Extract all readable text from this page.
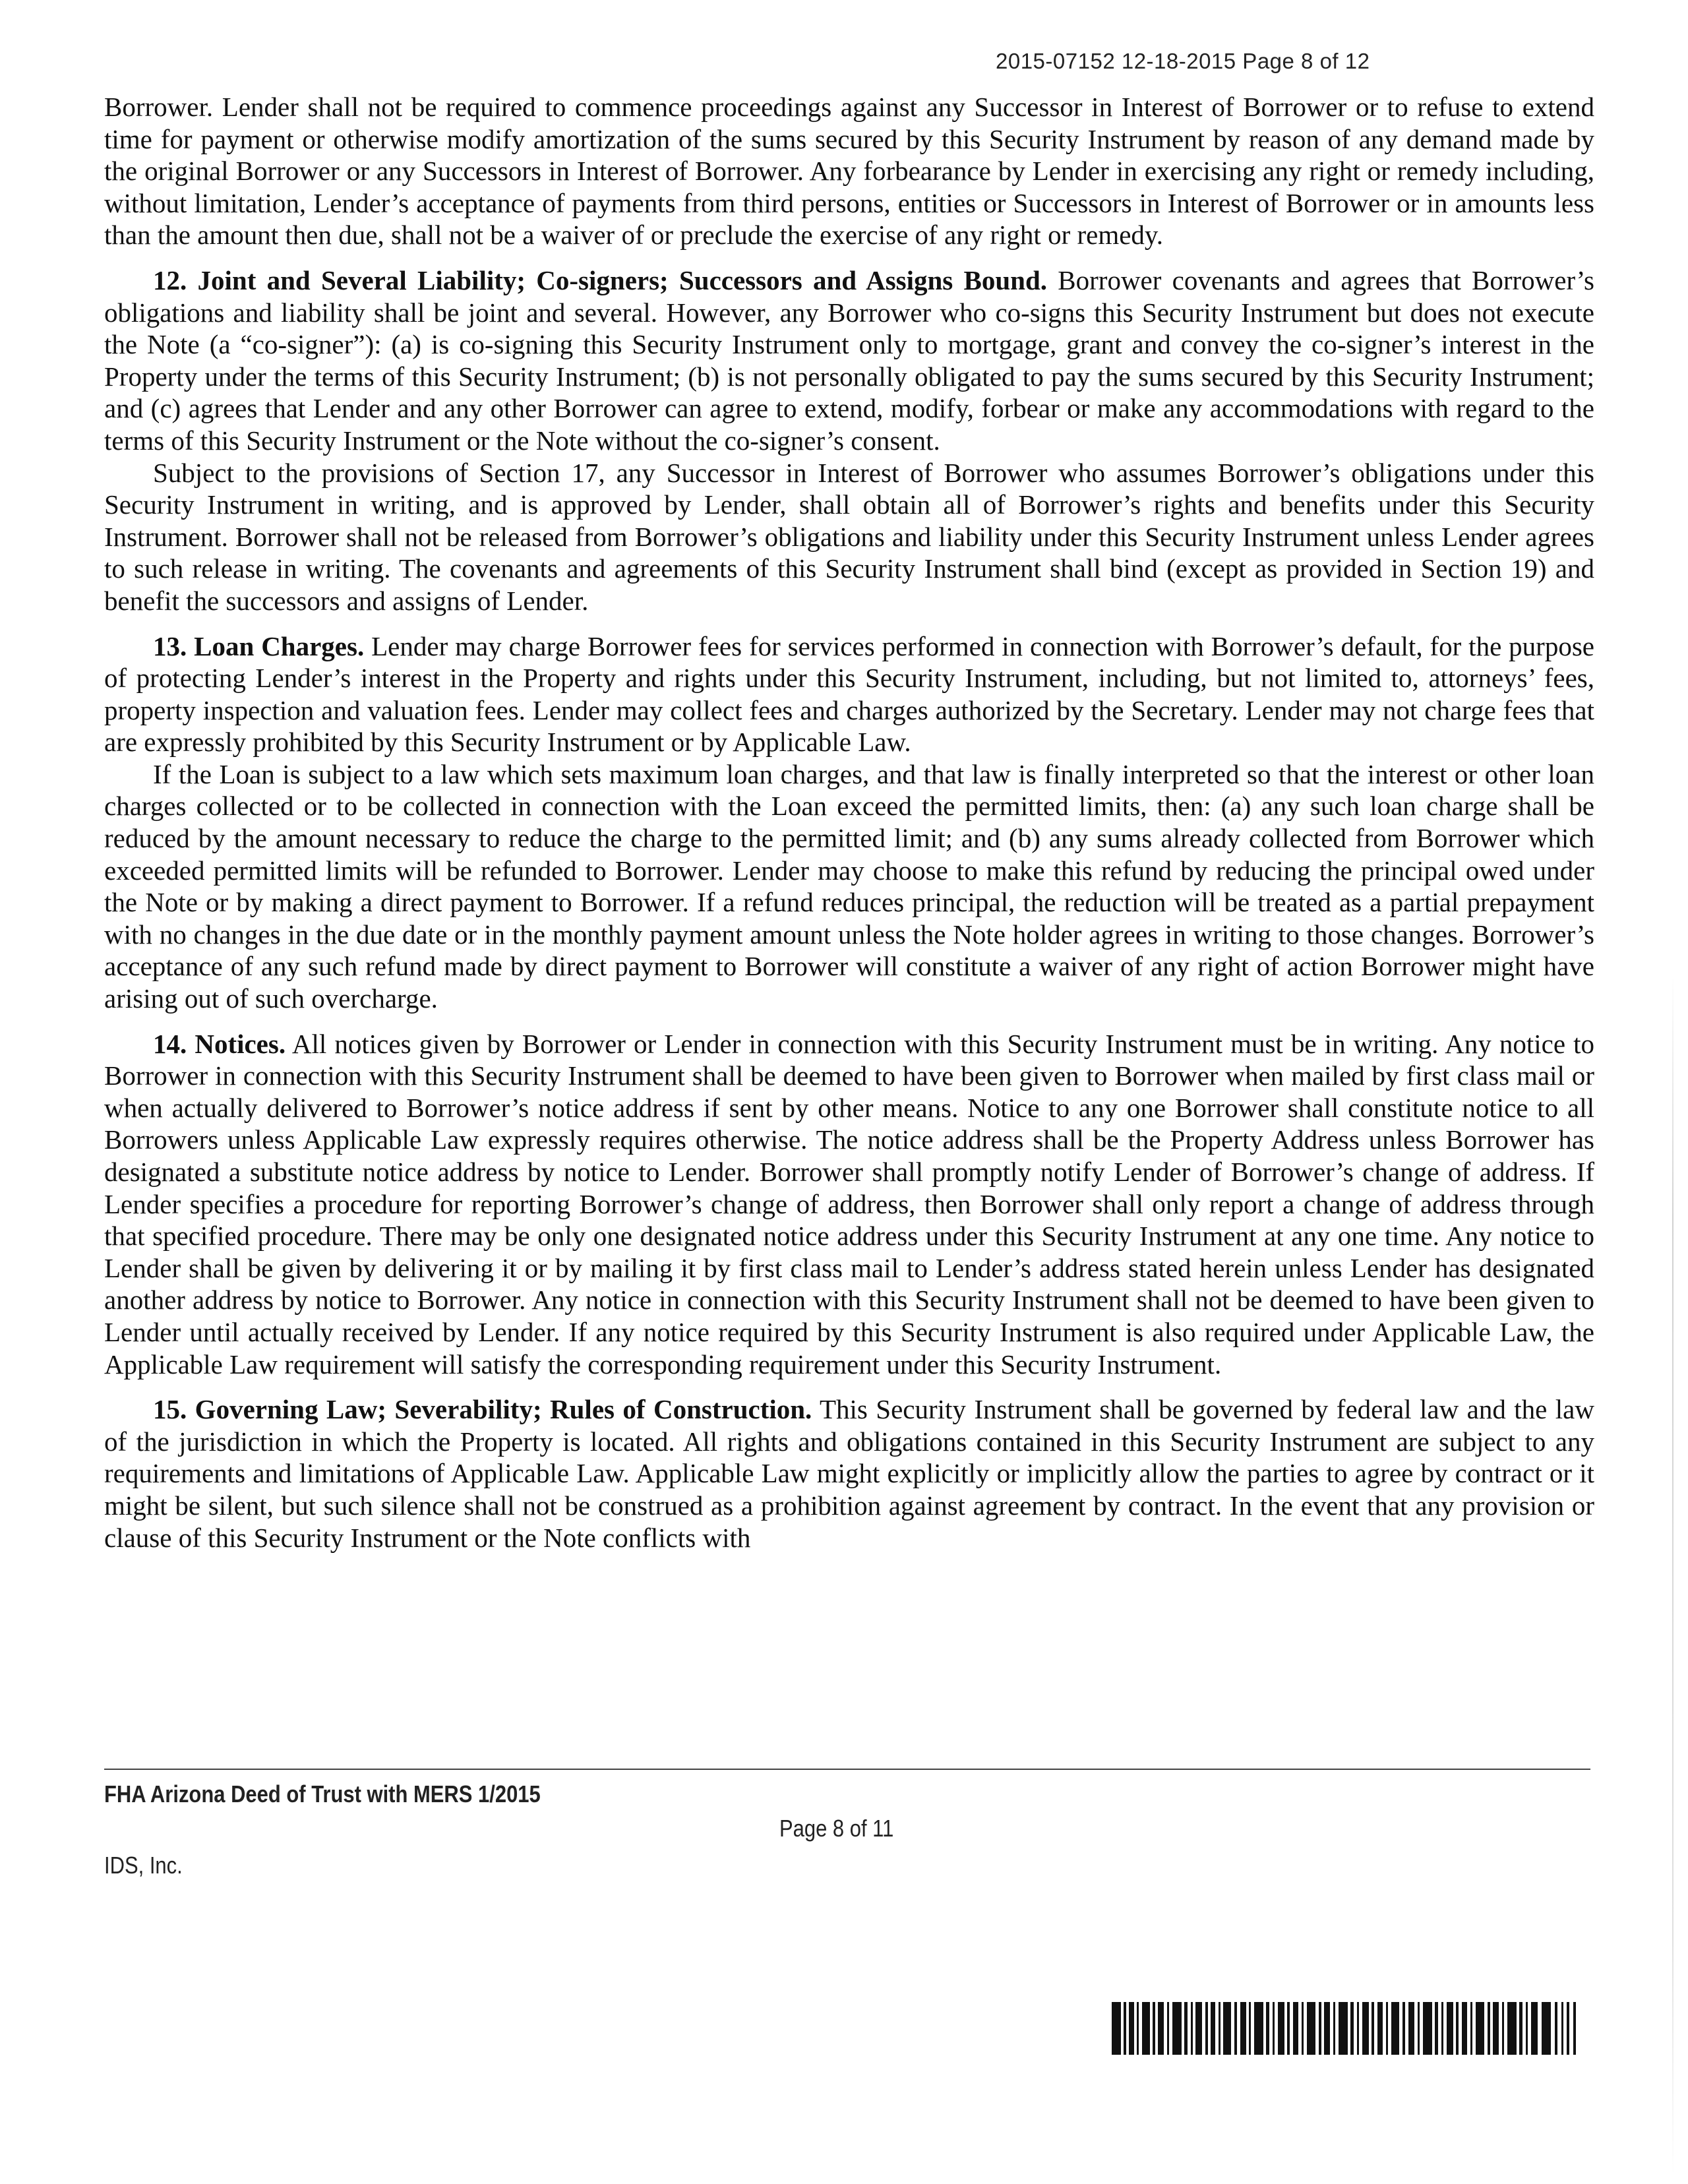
2015-07152 12-18-2015 Page 8 of 12

Borrower. Lender shall not be required to commence proceedings against any Successor in Interest of Borrower or to refuse to extend time for payment or otherwise modify amortization of the sums secured by this Security Instrument by reason of any demand made by the original Borrower or any Successors in Interest of Borrower. Any forbearance by Lender in exercising any right or remedy including, without limitation, Lender’s acceptance of payments from third persons, entities or Successors in Interest of Borrower or in amounts less than the amount then due, shall not be a waiver of or preclude the exercise of any right or remedy.

12. Joint and Several Liability; Co-signers; Successors and Assigns Bound. Borrower covenants and agrees that Borrower’s obligations and liability shall be joint and several. However, any Borrower who co-signs this Security Instrument but does not execute the Note (a “co-signer”): (a) is co-signing this Security Instrument only to mortgage, grant and convey the co-signer’s interest in the Property under the terms of this Security Instrument; (b) is not personally obligated to pay the sums secured by this Security Instrument; and (c) agrees that Lender and any other Borrower can agree to extend, modify, forbear or make any accommodations with regard to the terms of this Security Instrument or the Note without the co-signer’s consent.

Subject to the provisions of Section 17, any Successor in Interest of Borrower who assumes Borrower’s obligations under this Security Instrument in writing, and is approved by Lender, shall obtain all of Borrower’s rights and benefits under this Security Instrument. Borrower shall not be released from Borrower’s obligations and liability under this Security Instrument unless Lender agrees to such release in writing. The covenants and agreements of this Security Instrument shall bind (except as provided in Section 19) and benefit the successors and assigns of Lender.

13. Loan Charges. Lender may charge Borrower fees for services performed in connection with Borrower’s default, for the purpose of protecting Lender’s interest in the Property and rights under this Security Instrument, including, but not limited to, attorneys’ fees, property inspection and valuation fees. Lender may collect fees and charges authorized by the Secretary. Lender may not charge fees that are expressly prohibited by this Security Instrument or by Applicable Law.

If the Loan is subject to a law which sets maximum loan charges, and that law is finally interpreted so that the interest or other loan charges collected or to be collected in connection with the Loan exceed the permitted limits, then: (a) any such loan charge shall be reduced by the amount necessary to reduce the charge to the permitted limit; and (b) any sums already collected from Borrower which exceeded permitted limits will be refunded to Borrower. Lender may choose to make this refund by reducing the principal owed under the Note or by making a direct payment to Borrower. If a refund reduces principal, the reduction will be treated as a partial prepayment with no changes in the due date or in the monthly payment amount unless the Note holder agrees in writing to those changes. Borrower’s acceptance of any such refund made by direct payment to Borrower will constitute a waiver of any right of action Borrower might have arising out of such overcharge.

14. Notices. All notices given by Borrower or Lender in connection with this Security Instrument must be in writing. Any notice to Borrower in connection with this Security Instrument shall be deemed to have been given to Borrower when mailed by first class mail or when actually delivered to Borrower’s notice address if sent by other means. Notice to any one Borrower shall constitute notice to all Borrowers unless Applicable Law expressly requires otherwise. The notice address shall be the Property Address unless Borrower has designated a substitute notice address by notice to Lender. Borrower shall promptly notify Lender of Borrower’s change of address. If Lender specifies a procedure for reporting Borrower’s change of address, then Borrower shall only report a change of address through that specified procedure. There may be only one designated notice address under this Security Instrument at any one time. Any notice to Lender shall be given by delivering it or by mailing it by first class mail to Lender’s address stated herein unless Lender has designated another address by notice to Borrower. Any notice in connection with this Security Instrument shall not be deemed to have been given to Lender until actually received by Lender. If any notice required by this Security Instrument is also required under Applicable Law, the Applicable Law requirement will satisfy the corresponding requirement under this Security Instrument.

15. Governing Law; Severability; Rules of Construction. This Security Instrument shall be governed by federal law and the law of the jurisdiction in which the Property is located. All rights and obligations contained in this Security Instrument are subject to any requirements and limitations of Applicable Law. Applicable Law might explicitly or implicitly allow the parties to agree by contract or it might be silent, but such silence shall not be construed as a prohibition against agreement by contract. In the event that any provision or clause of this Security Instrument or the Note conflicts with

FHA Arizona Deed of Trust with MERS 1/2015
Page 8 of 11
IDS, Inc.
